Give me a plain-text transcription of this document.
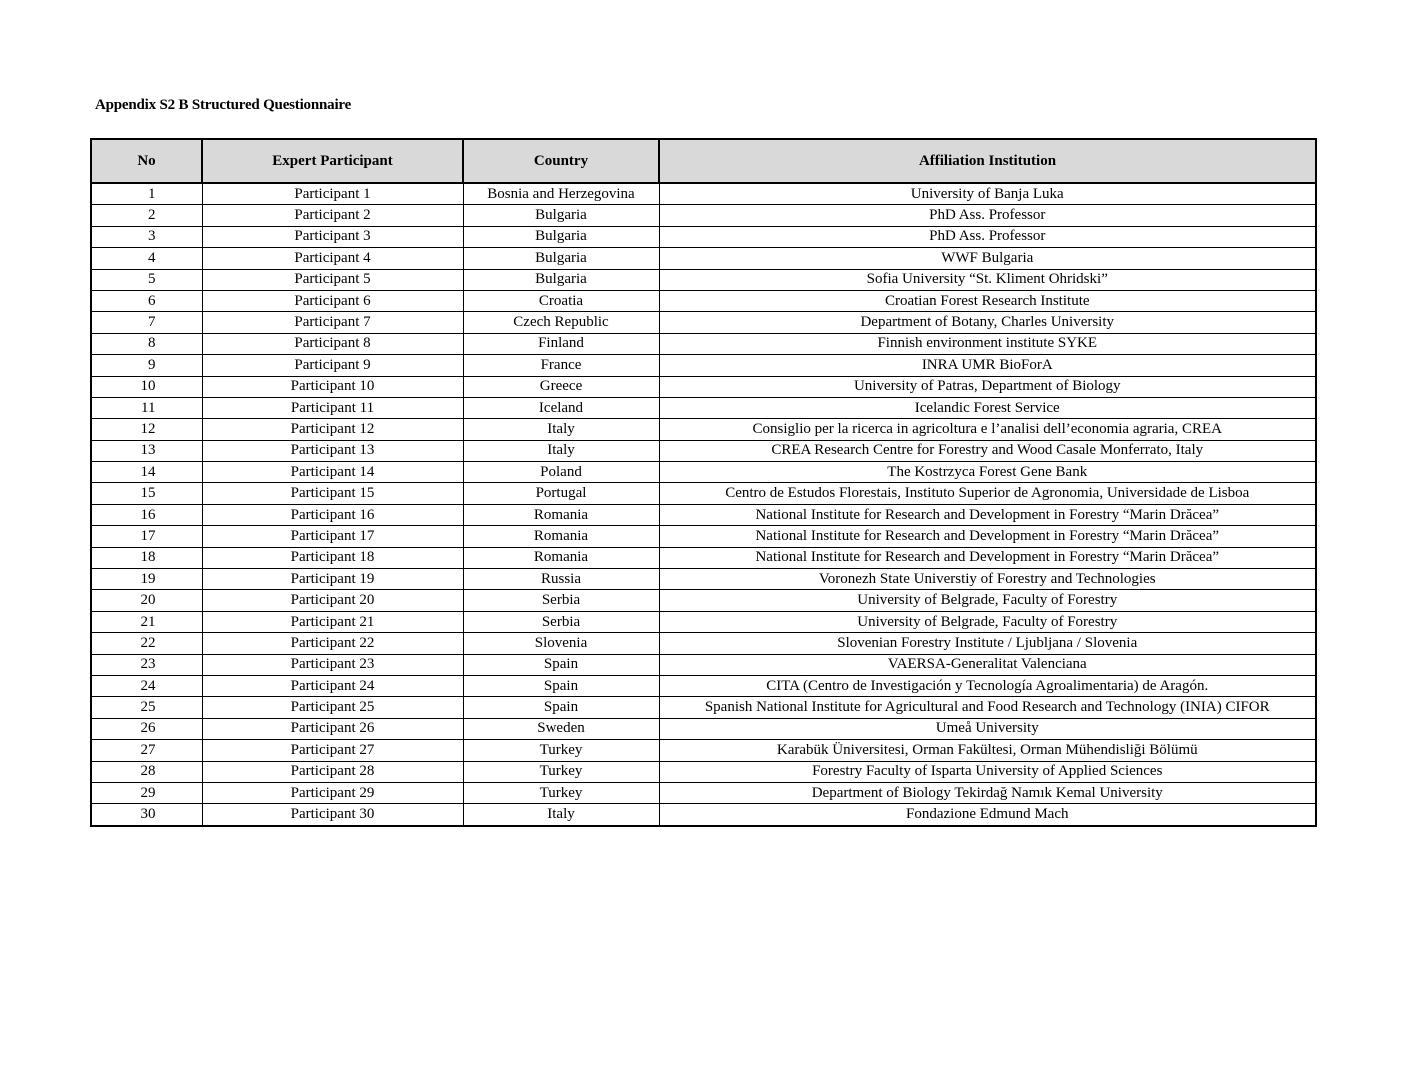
Appendix S2 B Structured Questionnaire
No	Expert Participant	Country	Affiliation Institution
1	Participant 1	Bosnia and Herzegovina	University of Banja Luka
2	Participant 2	Bulgaria	PhD Ass. Professor
3	Participant 3	Bulgaria	PhD Ass. Professor
4	Participant 4	Bulgaria	WWF Bulgaria
5	Participant 5	Bulgaria	Sofia University “St. Kliment Ohridski”
6	Participant 6	Croatia	Croatian Forest Research Institute
7	Participant 7	Czech Republic	Department of Botany, Charles University
8	Participant 8	Finland	Finnish environment institute SYKE
9	Participant 9	France	INRA UMR BioForA
10	Participant 10	Greece	University of Patras, Department of Biology
11	Participant 11	Iceland	Icelandic Forest Service
12	Participant 12	Italy	Consiglio per la ricerca in agricoltura e l’analisi dell’economia agraria, CREA
13	Participant 13	Italy	CREA Research Centre for Forestry and Wood Casale Monferrato, Italy
14	Participant 14	Poland	The Kostrzyca Forest Gene Bank
15	Participant 15	Portugal	Centro de Estudos Florestais, Instituto Superior de Agronomia, Universidade de Lisboa
16	Participant 16	Romania	National Institute for Research and Development in Forestry “Marin Drăcea”
17	Participant 17	Romania	National Institute for Research and Development in Forestry “Marin Drăcea”
18	Participant 18	Romania	National Institute for Research and Development in Forestry “Marin Drăcea”
19	Participant 19	Russia	Voronezh State Universtiy of Forestry and Technologies
20	Participant 20	Serbia	University of Belgrade, Faculty of Forestry
21	Participant 21	Serbia	University of Belgrade, Faculty of Forestry
22	Participant 22	Slovenia	Slovenian Forestry Institute / Ljubljana / Slovenia
23	Participant 23	Spain	VAERSA-Generalitat Valenciana
24	Participant 24	Spain	CITA (Centro de Investigación y Tecnología Agroalimentaria) de Aragón.
25	Participant 25	Spain	Spanish National Institute for Agricultural and Food Research and Technology (INIA) CIFOR
26	Participant 26	Sweden	Umeå University
27	Participant 27	Turkey	Karabük Üniversitesi, Orman Fakültesi, Orman Mühendisliği Bölümü
28	Participant 28	Turkey	Forestry Faculty of Isparta University of Applied Sciences
29	Participant 29	Turkey	Department of Biology Tekirdağ Namık Kemal University
30	Participant 30	Italy	Fondazione Edmund Mach
